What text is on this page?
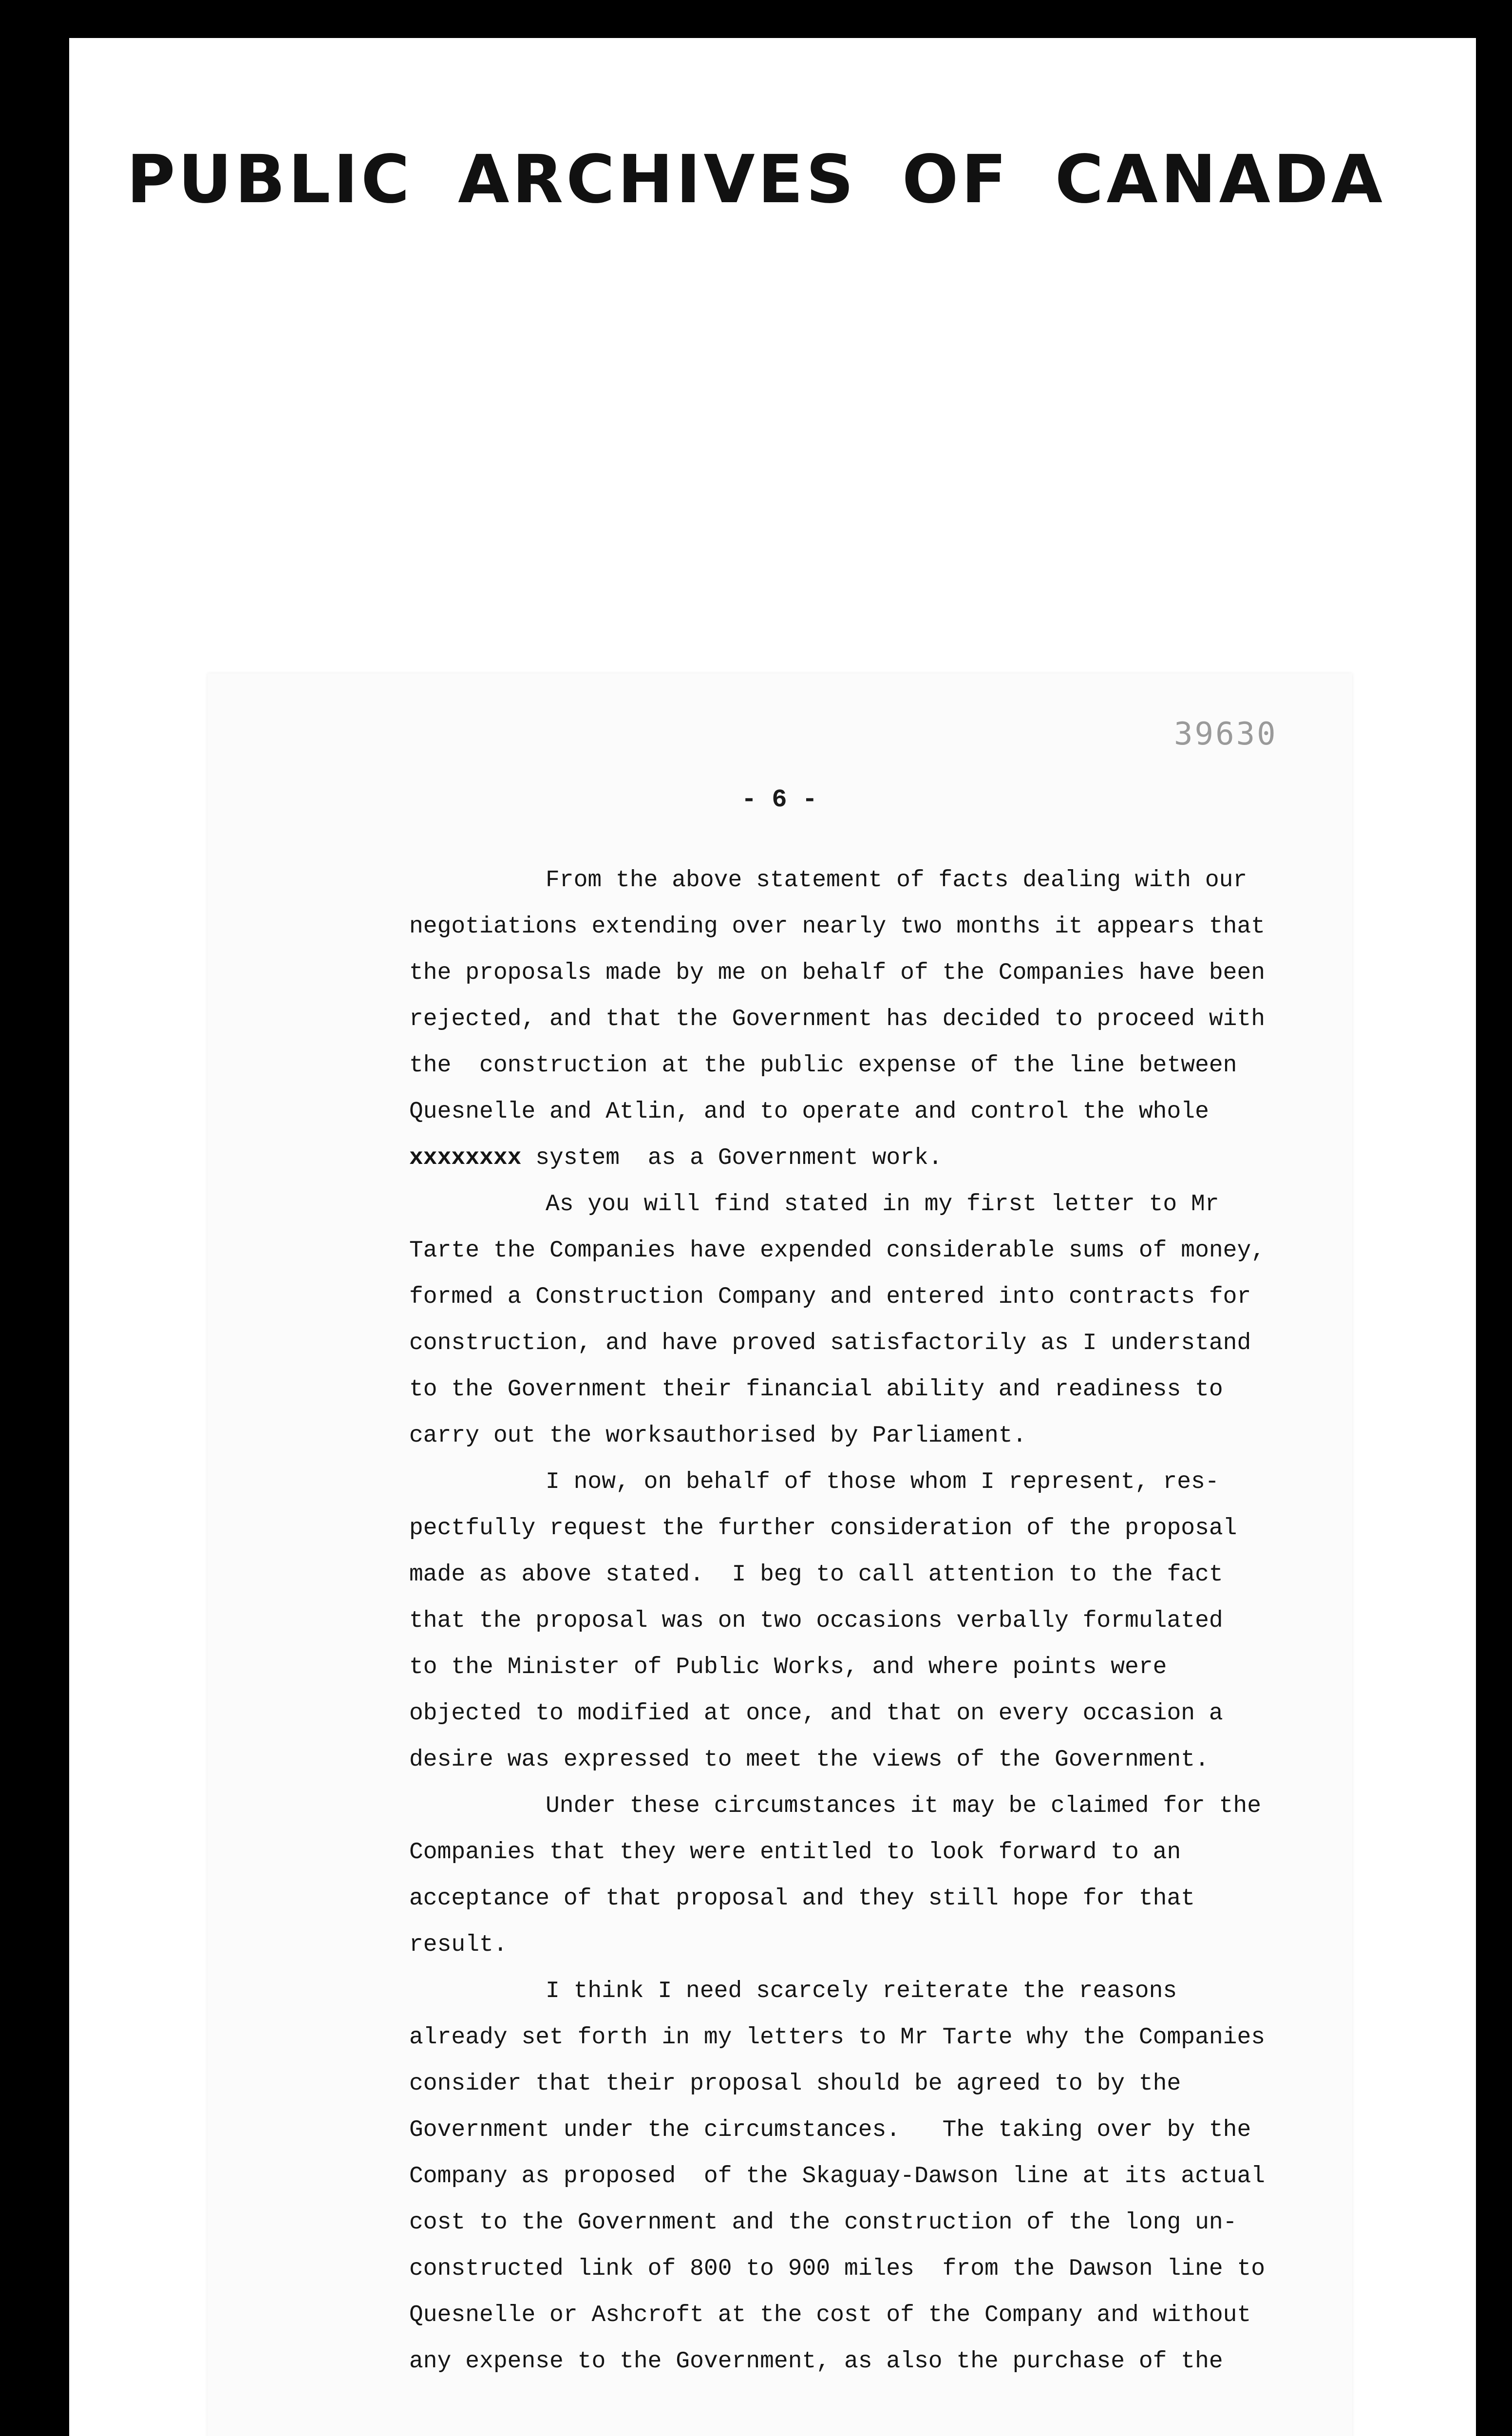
PUBLIC ARCHIVES OF CANADA
39630
- 6 -
From the above statement of facts dealing with our
negotiations extending over nearly two months it appears that
the proposals made by me on behalf of the Companies have been
rejected, and that the Government has decided to proceed with
the  construction at the public expense of the line between
Quesnelle and Atlin, and to operate and control the whole
xxxxxxxx system  as a Government work.
As you will find stated in my first letter to Mr
Tarte the Companies have expended considerable sums of money,
formed a Construction Company and entered into contracts for
construction, and have proved satisfactorily as I understand
to the Government their financial ability and readiness to
carry out the worksauthorised by Parliament.
I now, on behalf of those whom I represent, res-
pectfully request the further consideration of the proposal
made as above stated.  I beg to call attention to the fact
that the proposal was on two occasions verbally formulated
to the Minister of Public Works, and where points were
objected to modified at once, and that on every occasion a
desire was expressed to meet the views of the Government.
Under these circumstances it may be claimed for the
Companies that they were entitled to look forward to an
acceptance of that proposal and they still hope for that
result.
I think I need scarcely reiterate the reasons
already set forth in my letters to Mr Tarte why the Companies
consider that their proposal should be agreed to by the
Government under the circumstances.   The taking over by the
Company as proposed  of the Skaguay-Dawson line at its actual
cost to the Government and the construction of the long un-
constructed link of 800 to 900 miles  from the Dawson line to
Quesnelle or Ashcroft at the cost of the Company and without
any expense to the Government, as also the purchase of the
